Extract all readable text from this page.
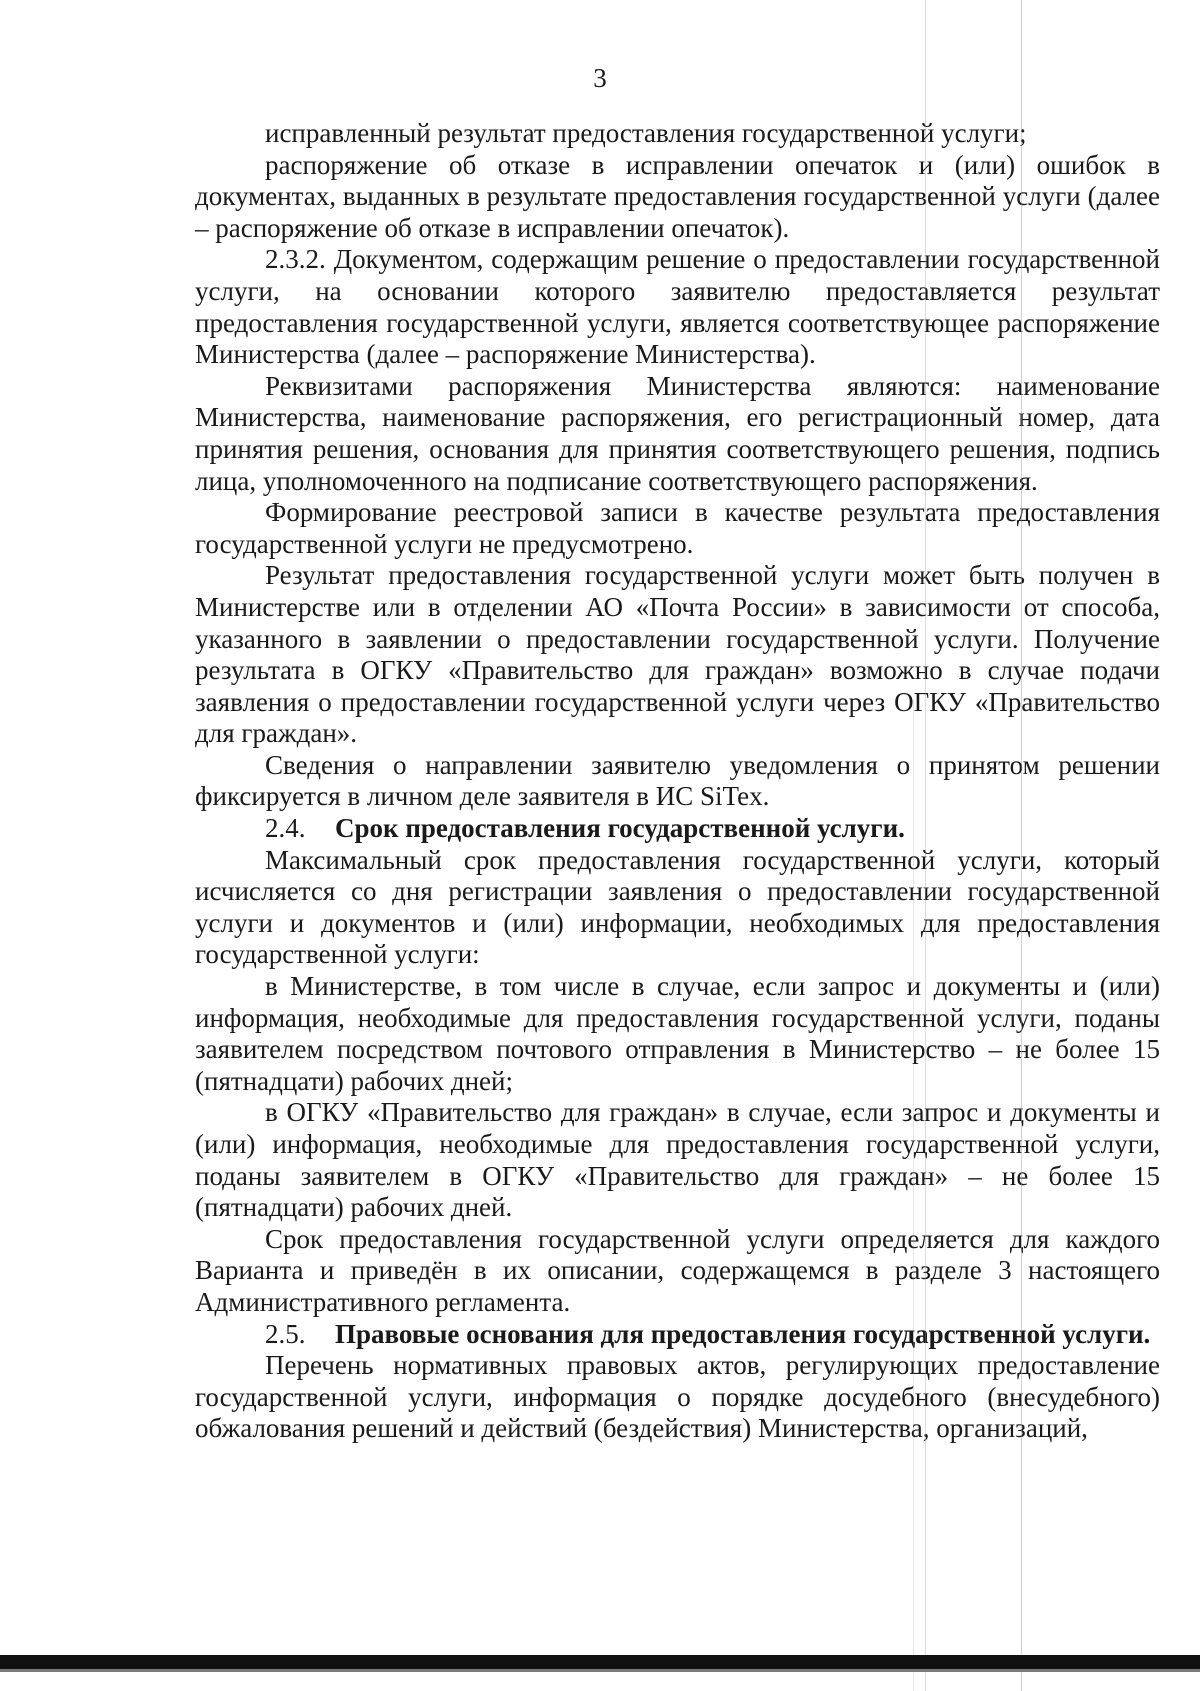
3

исправленный результат предоставления государственной услуги;

распоряжение об отказе в исправлении опечаток и (или) ошибок в документах, выданных в результате предоставления государственной услуги (далее – распоряжение об отказе в исправлении опечаток).

2.3.2. Документом, содержащим решение о предоставлении государственной услуги, на основании которого заявителю предоставляется результат предоставления государственной услуги, является соответствующее распоряжение Министерства (далее – распоряжение Министерства).

Реквизитами распоряжения Министерства являются: наименование Министерства, наименование распоряжения, его регистрационный номер, дата принятия решения, основания для принятия соответствующего решения, подпись лица, уполномоченного на подписание соответствующего распоряжения.

Формирование реестровой записи в качестве результата предоставления государственной услуги не предусмотрено.

Результат предоставления государственной услуги может быть получен в Министерстве или в отделении АО «Почта России» в зависимости от способа, указанного в заявлении о предоставлении государственной услуги. Получение результата в ОГКУ «Правительство для граждан» возможно в случае подачи заявления о предоставлении государственной услуги через ОГКУ «Правительство для граждан».

Сведения о направлении заявителю уведомления о принятом решении фиксируется в личном деле заявителя в ИС SiTex.

2.4. Срок предоставления государственной услуги.

Максимальный срок предоставления государственной услуги, который исчисляется со дня регистрации заявления о предоставлении государственной услуги и документов и (или) информации, необходимых для предоставления государственной услуги:

в Министерстве, в том числе в случае, если запрос и документы и (или) информация, необходимые для предоставления государственной услуги, поданы заявителем посредством почтового отправления в Министерство – не более 15 (пятнадцати) рабочих дней;

в ОГКУ «Правительство для граждан» в случае, если запрос и документы и (или) информация, необходимые для предоставления государственной услуги, поданы заявителем в ОГКУ «Правительство для граждан» – не более 15 (пятнадцати) рабочих дней.

Срок предоставления государственной услуги определяется для каждого Варианта и приведён в их описании, содержащемся в разделе 3 настоящего Административного регламента.

2.5. Правовые основания для предоставления государственной услуги.

Перечень нормативных правовых актов, регулирующих предоставление государственной услуги, информация о порядке досудебного (внесудебного) обжалования решений и действий (бездействия) Министерства, организаций,
